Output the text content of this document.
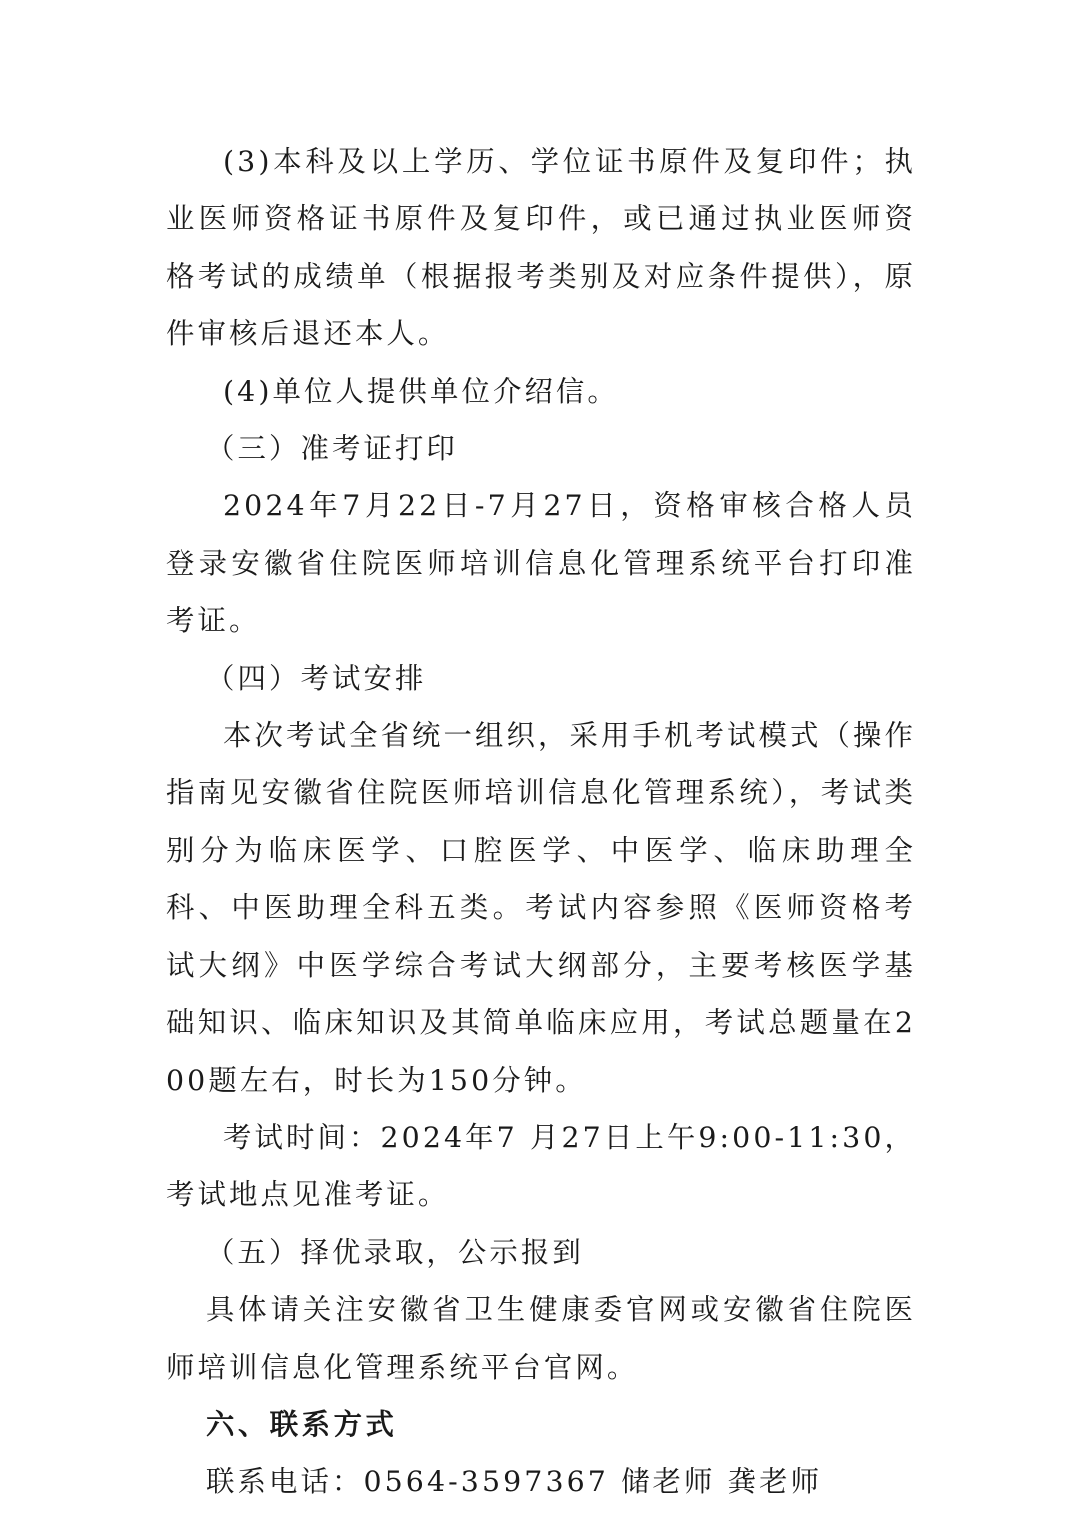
(3)本科及以上学历、学位证书原件及复印件；执业医师资格证书原件及复印件，或已通过执业医师资格考试的成绩单（根据报考类别及对应条件提供），原件审核后退还本人。

(4)单位人提供单位介绍信。

（三）准考证打印

2024年7月22日-7月27日，资格审核合格人员登录安徽省住院医师培训信息化管理系统平台打印准考证。

（四）考试安排

本次考试全省统一组织，采用手机考试模式（操作指南见安徽省住院医师培训信息化管理系统），考试类别分为临床医学、口腔医学、中医学、临床助理全科、中医助理全科五类。考试内容参照《医师资格考试大纲》中医学综合考试大纲部分，主要考核医学基础知识、临床知识及其简单临床应用，考试总题量在200题左右，时长为150分钟。

考试时间：2024年7 月27日上午9:00-11:30，考试地点见准考证。

（五）择优录取，公示报到

具体请关注安徽省卫生健康委官网或安徽省住院医师培训信息化管理系统平台官网。

六、联系方式

联系电话：0564-3597367 储老师 龚老师
